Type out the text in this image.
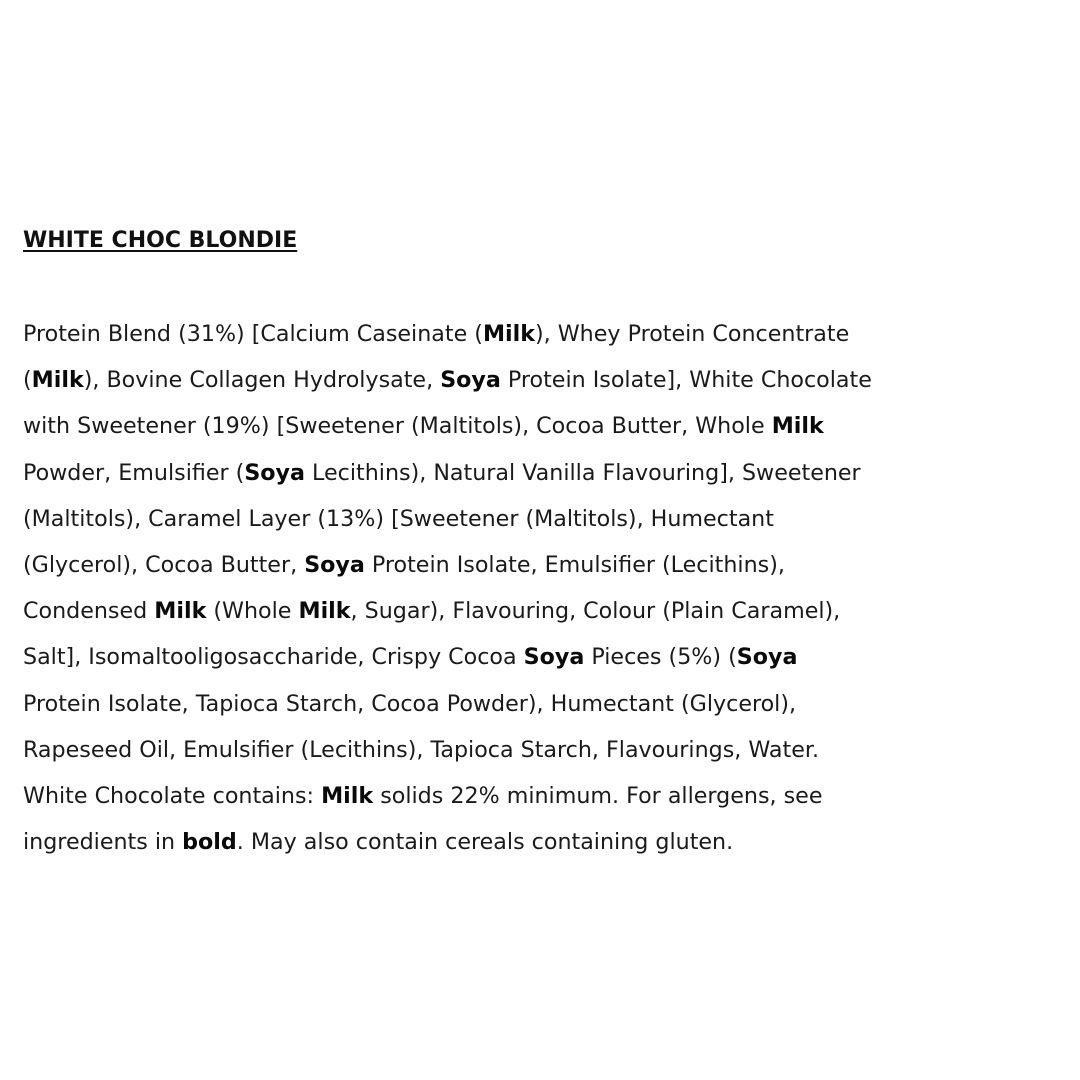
WHITE CHOC BLONDIE

Protein Blend (31%) [Calcium Caseinate (Milk), Whey Protein Concentrate
(Milk), Bovine Collagen Hydrolysate, Soya Protein Isolate], White Chocolate
with Sweetener (19%) [Sweetener (Maltitols), Cocoa Butter, Whole Milk
Powder, Emulsifier (Soya Lecithins), Natural Vanilla Flavouring], Sweetener
(Maltitols), Caramel Layer (13%) [Sweetener (Maltitols), Humectant
(Glycerol), Cocoa Butter, Soya Protein Isolate, Emulsifier (Lecithins),
Condensed Milk (Whole Milk, Sugar), Flavouring, Colour (Plain Caramel),
Salt], Isomaltooligosaccharide, Crispy Cocoa Soya Pieces (5%) (Soya
Protein Isolate, Tapioca Starch, Cocoa Powder), Humectant (Glycerol),
Rapeseed Oil, Emulsifier (Lecithins), Tapioca Starch, Flavourings, Water.
White Chocolate contains: Milk solids 22% minimum. For allergens, see
ingredients in bold. May also contain cereals containing gluten.
